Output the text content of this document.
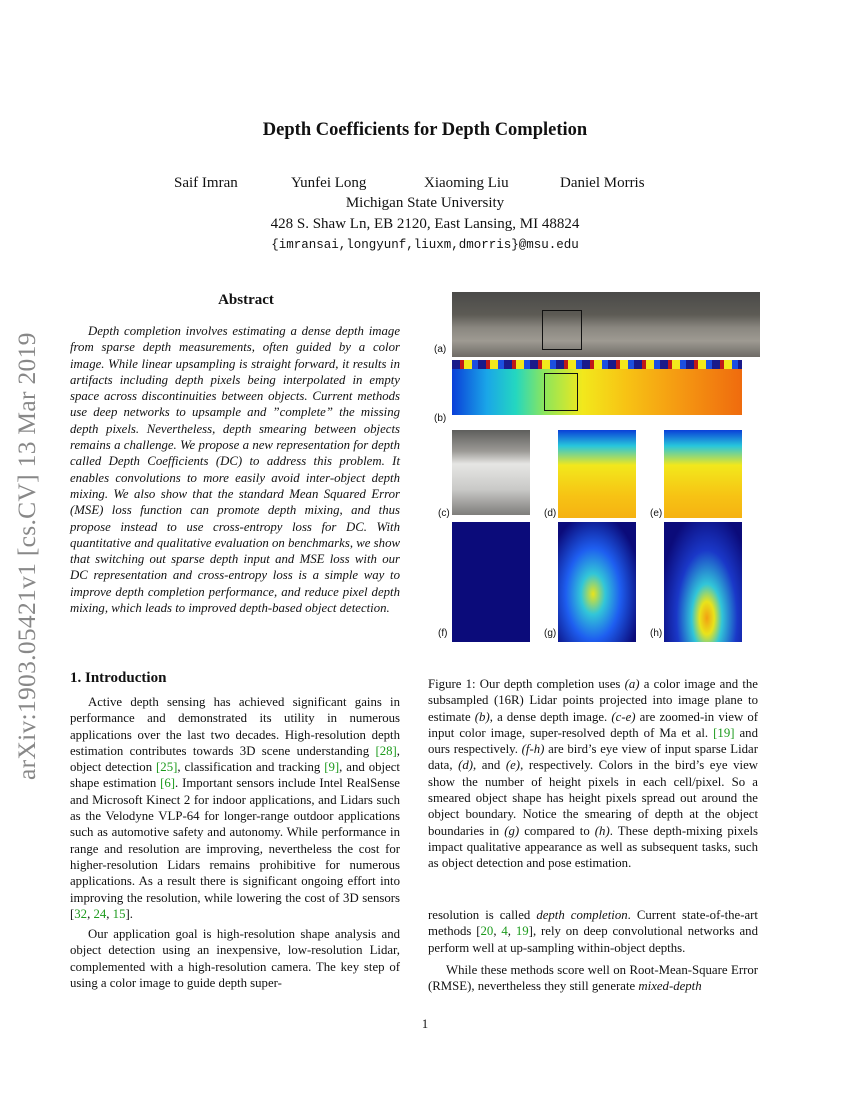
arXiv:1903.05421v1 [cs.CV] 13 Mar 2019
Depth Coefficients for Depth Completion
Saif Imran	Yunfei Long	Xiaoming Liu	Daniel Morris
Michigan State University
428 S. Shaw Ln, EB 2120, East Lansing, MI 48824
{imransai,longyunf,liuxm,dmorris}@msu.edu
Abstract
Depth completion involves estimating a dense depth image from sparse depth measurements, often guided by a color image. While linear upsampling is straight forward, it results in artifacts including depth pixels being interpolated in empty space across discontinuities between objects. Current methods use deep networks to upsample and ”complete” the missing depth pixels. Nevertheless, depth smearing between objects remains a challenge. We propose a new representation for depth called Depth Coefficients (DC) to address this problem. It enables convolutions to more easily avoid inter-object depth mixing. We also show that the standard Mean Squared Error (MSE) loss function can promote depth mixing, and thus propose instead to use cross-entropy loss for DC. With quantitative and qualitative evaluation on benchmarks, we show that switching out sparse depth input and MSE loss with our DC representation and cross-entropy loss is a simple way to improve depth completion performance, and reduce pixel depth mixing, which leads to improved depth-based object detection.
1. Introduction
Active depth sensing has achieved significant gains in performance and demonstrated its utility in numerous applications over the last two decades. High-resolution depth estimation contributes towards 3D scene understanding [28], object detection [25], classification and tracking [9], and object shape estimation [6]. Important sensors include Intel RealSense and Microsoft Kinect 2 for indoor applications, and Lidars such as the Velodyne VLP-64 for longer-range outdoor applications such as automotive safety and autonomy. While performance in range and resolution are improving, nevertheless the cost for higher-resolution Lidars remains prohibitive for numerous applications. As a result there is significant ongoing effort into improving the resolution, while lowering the cost of 3D sensors [32, 24, 15].
Our application goal is high-resolution shape analysis and object detection using an inexpensive, low-resolution Lidar, complemented with a high-resolution camera. The key step of using a color image to guide depth super-
(a)
(b)
(c)	(d)	(e)
(f)	(g)	(h)
Figure 1: Our depth completion uses (a) a color image and the subsampled (16R) Lidar points projected into image plane to estimate (b), a dense depth image. (c-e) are zoomed-in view of input color image, super-resolved depth of Ma et al. [19] and ours respectively. (f-h) are bird’s eye view of input sparse Lidar data, (d), and (e), respectively. Colors in the bird’s eye view show the number of height pixels in each cell/pixel. So a smeared object shape has height pixels spread out around the object boundary. Notice the smearing of depth at the object boundaries in (g) compared to (h). These depth-mixing pixels impact qualitative appearance as well as subsequent tasks, such as object detection and pose estimation.
resolution is called depth completion. Current state-of-the-art methods [20, 4, 19], rely on deep convolutional networks and perform well at up-sampling within-object depths.
While these methods score well on Root-Mean-Square Error (RMSE), nevertheless they still generate mixed-depth
1
